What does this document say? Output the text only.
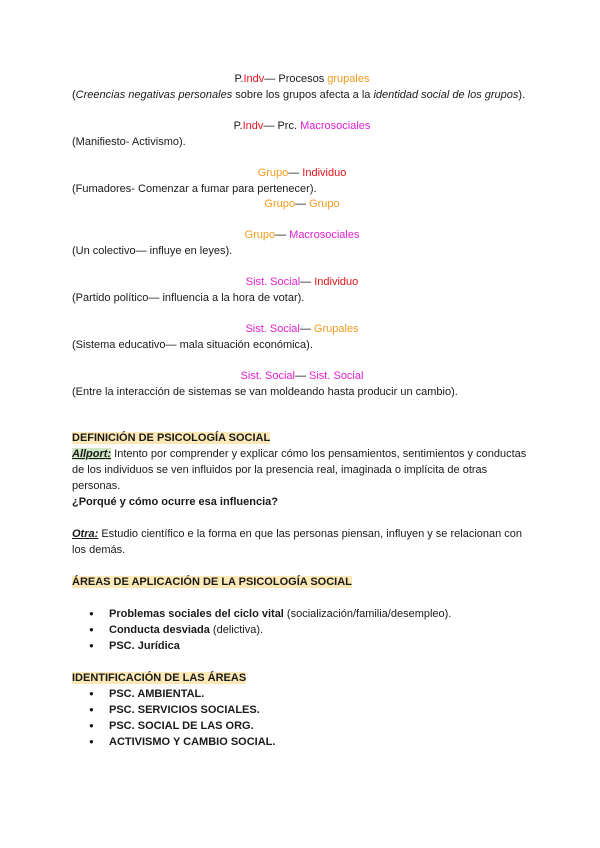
P.Indv— Procesos grupales
(Creencias negativas personales sobre los grupos afecta a la identidad social de los grupos).
P.Indv— Prc. Macrosociales
(Manifiesto- Activismo).
Grupo— Individuo
(Fumadores- Comenzar a fumar para pertenecer).
Grupo— Grupo
Grupo— Macrosociales
(Un colectivo— influye en leyes).
Sist. Social— Individuo
(Partido político— influencia a la hora de votar).
Sist. Social— Grupales
(Sistema educativo— mala situación económica).
Sist. Social— Sist. Social
(Entre la interacción de sistemas se van moldeando hasta producir un cambio).
DEFINICIÓN DE PSICOLOGÍA SOCIAL
Allport: Intento por comprender y explicar cómo los pensamientos, sentimientos y conductas de los individuos se ven influidos por la presencia real, imaginada o implícita de otras personas.
¿Porqué y cómo ocurre esa influencia?
Otra: Estudio científico e la forma en que las personas piensan, influyen y se relacionan con los demás.
ÁREAS DE APLICACIÓN DE LA PSICOLOGÍA SOCIAL
● Problemas sociales del ciclo vital (socialización/familia/desempleo).
● Conducta desviada (delictiva).
● PSC. Jurídica
IDENTIFICACIÓN DE LAS ÁREAS
● PSC. AMBIENTAL.
● PSC. SERVICIOS SOCIALES.
● PSC. SOCIAL DE LAS ORG.
● ACTIVISMO Y CAMBIO SOCIAL.
